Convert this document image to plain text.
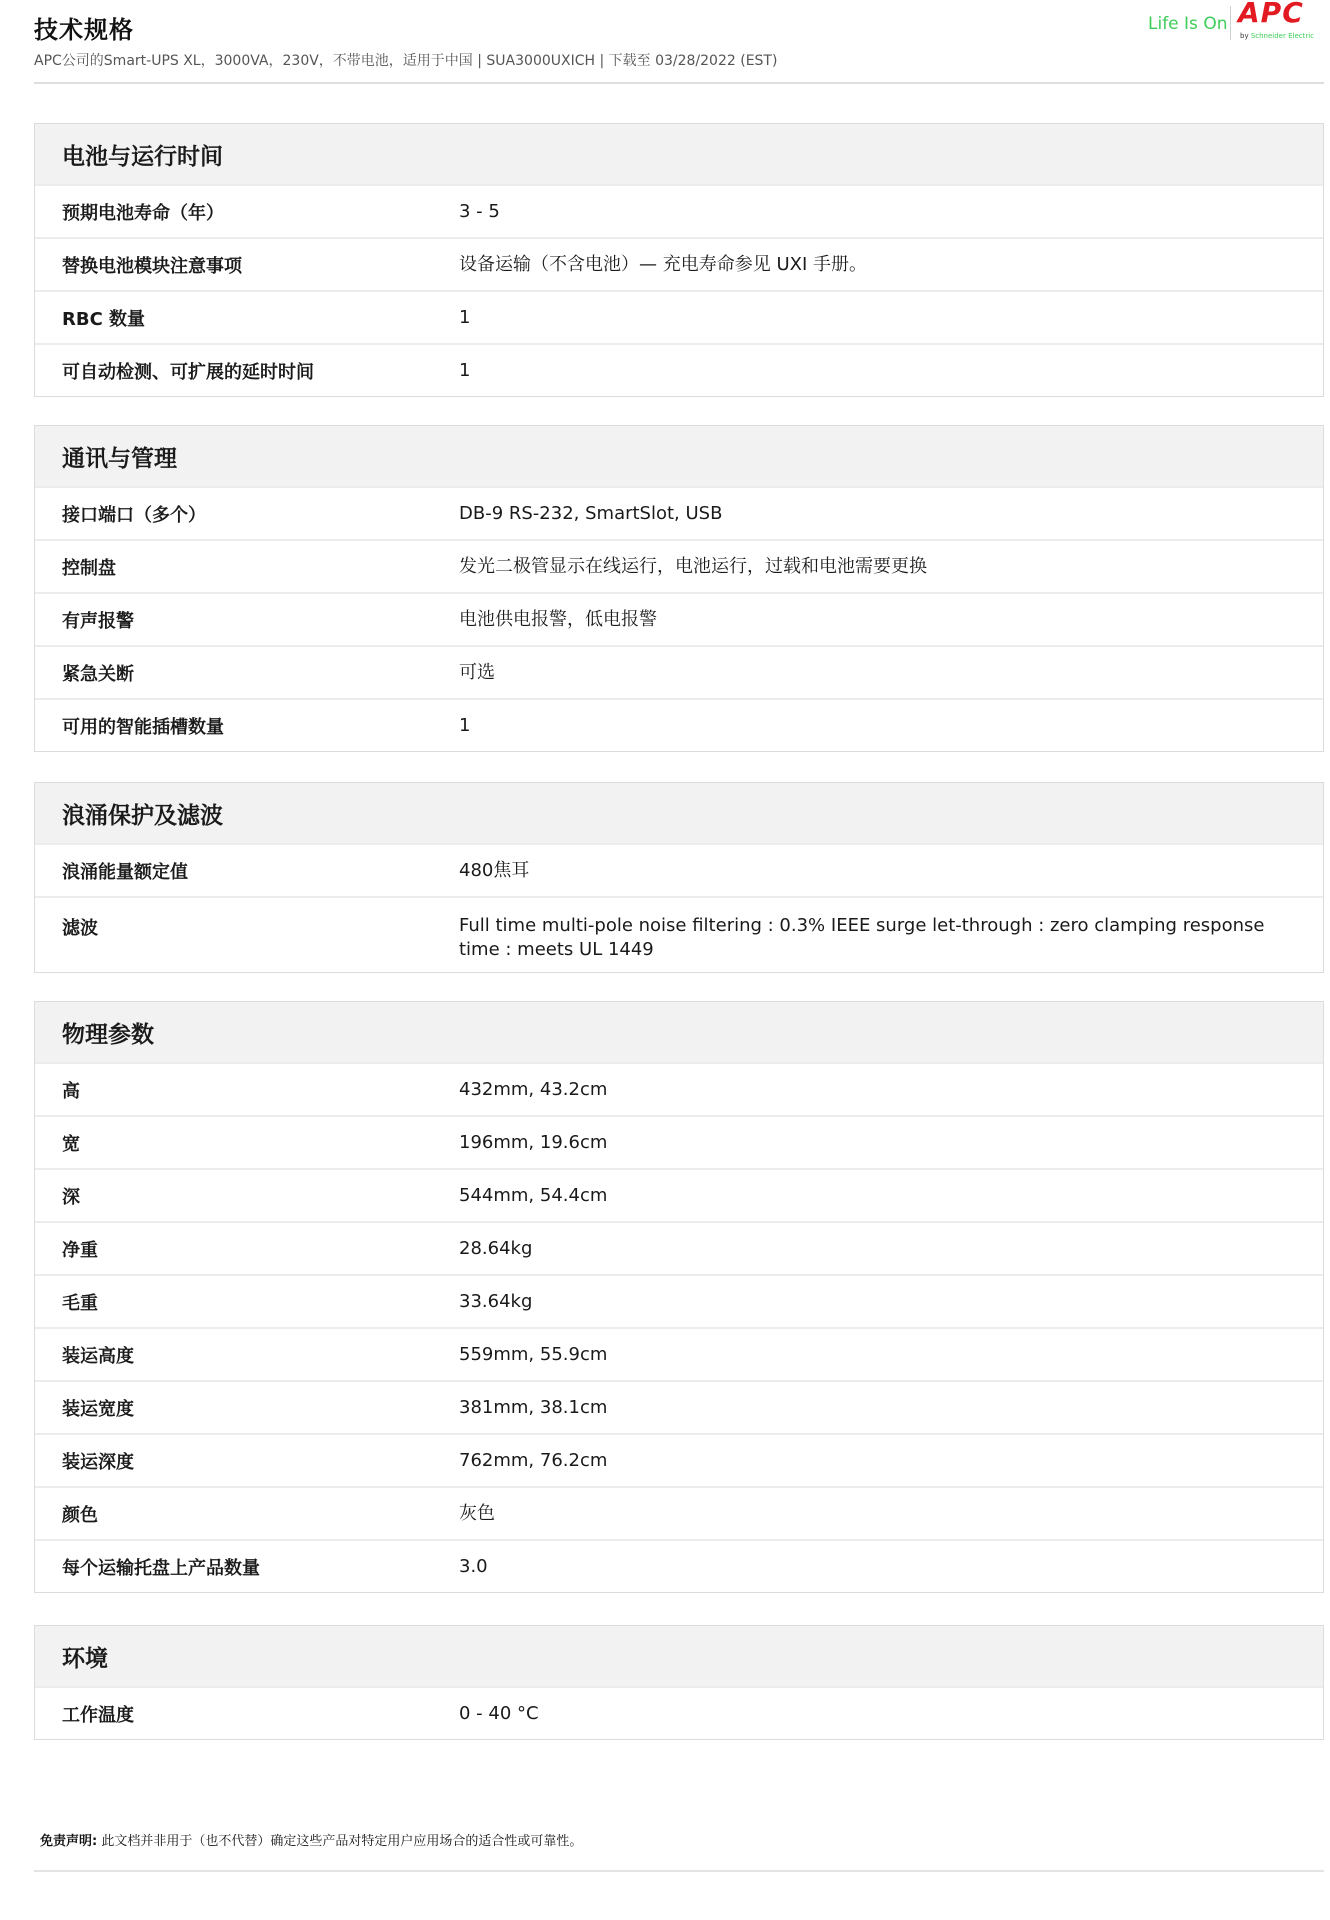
技术规格
APC公司的Smart-UPS XL，3000VA，230V，不带电池，适用于中国 | SUA3000UXICH | 下载至 03/28/2022 (EST)
Life Is On APC
by Schneider Electric
电池与运行时间
预期电池寿命（年）	3 - 5
替换电池模块注意事项	设备运输（不含电池）— 充电寿命参见 UXI 手册。
RBC 数量	1
可自动检测、可扩展的延时时间	1
通讯与管理
接口端口（多个）	DB-9 RS-232, SmartSlot, USB
控制盘	发光二极管显示在线运行，电池运行，过载和电池需要更换
有声报警	电池供电报警，低电报警
紧急关断	可选
可用的智能插槽数量	1
浪涌保护及滤波
浪涌能量额定值	480焦耳
滤波	Full time multi-pole noise filtering : 0.3% IEEE surge let-through : zero clamping response time : meets UL 1449
物理参数
高	432mm, 43.2cm
宽	196mm, 19.6cm
深	544mm, 54.4cm
净重	28.64kg
毛重	33.64kg
装运高度	559mm, 55.9cm
装运宽度	381mm, 38.1cm
装运深度	762mm, 76.2cm
颜色	灰色
每个运输托盘上产品数量	3.0
环境
工作温度	0 - 40 °C
免责声明: 此文档并非用于（也不代替）确定这些产品对特定用户应用场合的适合性或可靠性。
